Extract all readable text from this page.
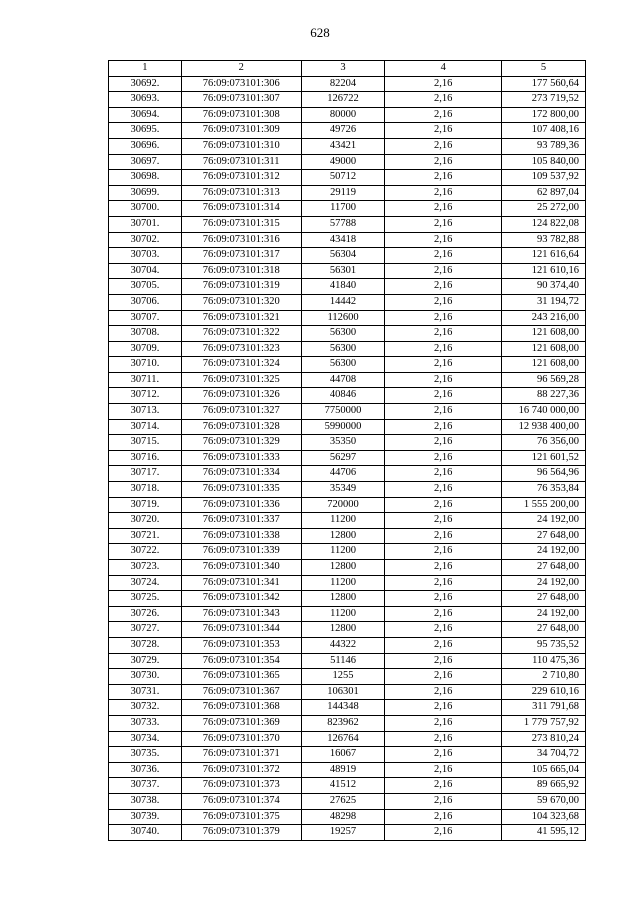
628
1	2	3	4	5
30692.	76:09:073101:306	82204	2,16	177 560,64
30693.	76:09:073101:307	126722	2,16	273 719,52
30694.	76:09:073101:308	80000	2,16	172 800,00
30695.	76:09:073101:309	49726	2,16	107 408,16
30696.	76:09:073101:310	43421	2,16	93 789,36
30697.	76:09:073101:311	49000	2,16	105 840,00
30698.	76:09:073101:312	50712	2,16	109 537,92
30699.	76:09:073101:313	29119	2,16	62 897,04
30700.	76:09:073101:314	11700	2,16	25 272,00
30701.	76:09:073101:315	57788	2,16	124 822,08
30702.	76:09:073101:316	43418	2,16	93 782,88
30703.	76:09:073101:317	56304	2,16	121 616,64
30704.	76:09:073101:318	56301	2,16	121 610,16
30705.	76:09:073101:319	41840	2,16	90 374,40
30706.	76:09:073101:320	14442	2,16	31 194,72
30707.	76:09:073101:321	112600	2,16	243 216,00
30708.	76:09:073101:322	56300	2,16	121 608,00
30709.	76:09:073101:323	56300	2,16	121 608,00
30710.	76:09:073101:324	56300	2,16	121 608,00
30711.	76:09:073101:325	44708	2,16	96 569,28
30712.	76:09:073101:326	40846	2,16	88 227,36
30713.	76:09:073101:327	7750000	2,16	16 740 000,00
30714.	76:09:073101:328	5990000	2,16	12 938 400,00
30715.	76:09:073101:329	35350	2,16	76 356,00
30716.	76:09:073101:333	56297	2,16	121 601,52
30717.	76:09:073101:334	44706	2,16	96 564,96
30718.	76:09:073101:335	35349	2,16	76 353,84
30719.	76:09:073101:336	720000	2,16	1 555 200,00
30720.	76:09:073101:337	11200	2,16	24 192,00
30721.	76:09:073101:338	12800	2,16	27 648,00
30722.	76:09:073101:339	11200	2,16	24 192,00
30723.	76:09:073101:340	12800	2,16	27 648,00
30724.	76:09:073101:341	11200	2,16	24 192,00
30725.	76:09:073101:342	12800	2,16	27 648,00
30726.	76:09:073101:343	11200	2,16	24 192,00
30727.	76:09:073101:344	12800	2,16	27 648,00
30728.	76:09:073101:353	44322	2,16	95 735,52
30729.	76:09:073101:354	51146	2,16	110 475,36
30730.	76:09:073101:365	1255	2,16	2 710,80
30731.	76:09:073101:367	106301	2,16	229 610,16
30732.	76:09:073101:368	144348	2,16	311 791,68
30733.	76:09:073101:369	823962	2,16	1 779 757,92
30734.	76:09:073101:370	126764	2,16	273 810,24
30735.	76:09:073101:371	16067	2,16	34 704,72
30736.	76:09:073101:372	48919	2,16	105 665,04
30737.	76:09:073101:373	41512	2,16	89 665,92
30738.	76:09:073101:374	27625	2,16	59 670,00
30739.	76:09:073101:375	48298	2,16	104 323,68
30740.	76:09:073101:379	19257	2,16	41 595,12
